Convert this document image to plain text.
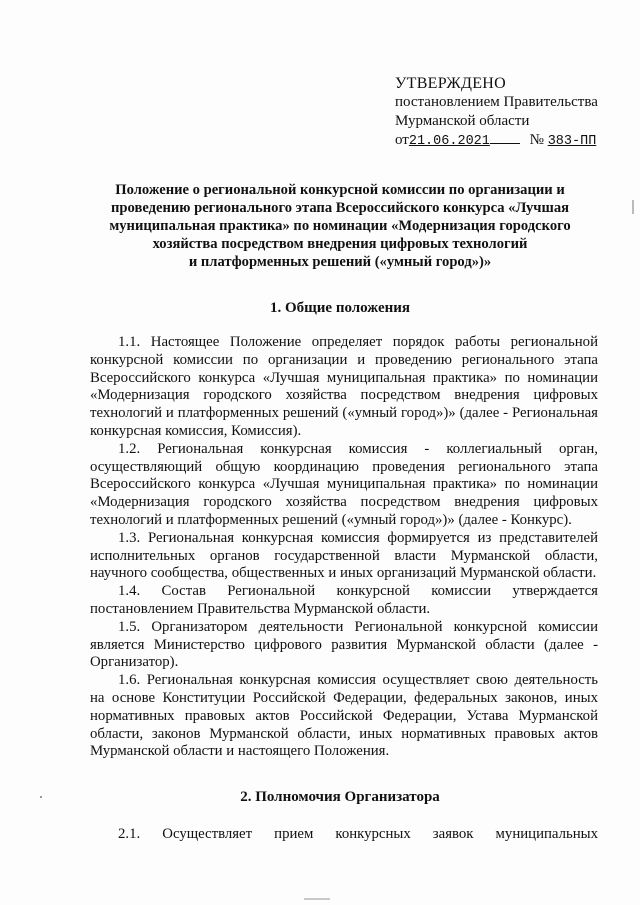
УТВЕРЖДЕНО
постановлением Правительства
Мурманской области
от21.06.2021	№ 383-ПП
Положение о региональной конкурсной комиссии по организации и
проведению регионального этапа Всероссийского конкурса «Лучшая
муниципальная практика» по номинации «Модернизация городского
хозяйства посредством внедрения цифровых технологий
и платформенных решений («умный город»)»
1. Общие положения

1.1. Настоящее Положение определяет порядок работы региональной конкурсной комиссии по организации и проведению регионального этапа Всероссийского конкурса «Лучшая муниципальная практика» по номинации «Модернизация городского хозяйства посредством внедрения цифровых технологий и платформенных решений («умный город»)» (далее - Региональная конкурсная комиссия, Комиссия).

1.2. Региональная конкурсная комиссия - коллегиальный орган, осуществляющий общую координацию проведения регионального этапа Всероссийского конкурса «Лучшая муниципальная практика» по номинации «Модернизация городского хозяйства посредством внедрения цифровых технологий и платформенных решений («умный город»)» (далее - Конкурс).

1.3. Региональная конкурсная комиссия формируется из представителей исполнительных органов государственной власти Мурманской области, научного сообщества, общественных и иных организаций Мурманской области.

1.4. Состав Региональной конкурсной комиссии утверждается постановлением Правительства Мурманской области.

1.5. Организатором деятельности Региональной конкурсной комиссии является Министерство цифрового развития Мурманской области (далее - Организатор).

1.6. Региональная конкурсная комиссия осуществляет свою деятельность на основе Конституции Российской Федерации, федеральных законов, иных нормативных правовых актов Российской Федерации, Устава Мурманской области, законов Мурманской области, иных нормативных правовых актов Мурманской области и настоящего Положения.

2. Полномочия Организатора
2.1. Осуществляет прием конкурсных заявок муниципальных
